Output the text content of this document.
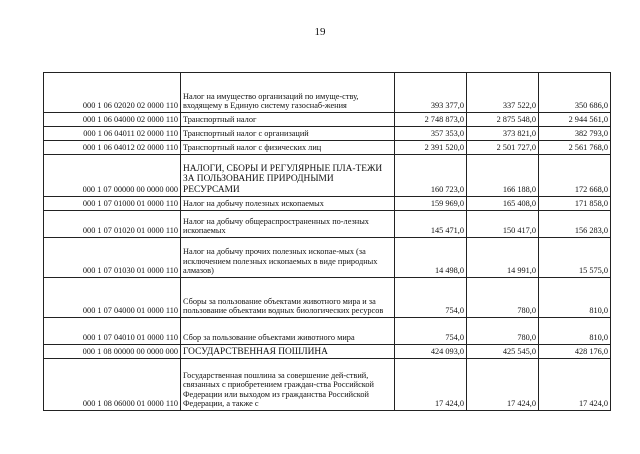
19
000 1 06 02020 02 0000 110	Налог на имущество организаций по имуще-ству, входящему в Единую систему газоснаб-жения	393 377,0	337 522,0	350 686,0
000 1 06 04000 02 0000 110	Транспортный налог	2 748 873,0	2 875 548,0	2 944 561,0
000 1 06 04011 02 0000 110	Транспортный налог с организаций	357 353,0	373 821,0	382 793,0
000 1 06 04012 02 0000 110	Транспортный налог с физических лиц	2 391 520,0	2 501 727,0	2 561 768,0
000 1 07 00000 00 0000 000	НАЛОГИ, СБОРЫ И РЕГУЛЯРНЫЕ ПЛА-ТЕЖИ ЗА ПОЛЬЗОВАНИЕ ПРИРОДНЫМИ РЕСУРСАМИ	160 723,0	166 188,0	172 668,0
000 1 07 01000 01 0000 110	Налог на добычу полезных ископаемых	159 969,0	165 408,0	171 858,0
000 1 07 01020 01 0000 110	Налог на добычу общераспространенных по-лезных ископаемых	145 471,0	150 417,0	156 283,0
000 1 07 01030 01 0000 110	Налог на добычу прочих полезных ископае-мых (за исключением полезных ископаемых в виде природных алмазов)	14 498,0	14 991,0	15 575,0
000 1 07 04000 01 0000 110	Сборы за пользование объектами животного мира и за пользование объектами водных биологических ресурсов	754,0	780,0	810,0
000 1 07 04010 01 0000 110	Сбор за пользование объектами животного мира	754,0	780,0	810,0
000 1 08 00000 00 0000 000	ГОСУДАРСТВЕННАЯ ПОШЛИНА	424 093,0	425 545,0	428 176,0
000 1 08 06000 01 0000 110	Государственная пошлина за совершение дей-ствий, связанных с приобретением граждан-ства Российской Федерации или выходом из гражданства Российской Федерации, а также с	17 424,0	17 424,0	17 424,0
